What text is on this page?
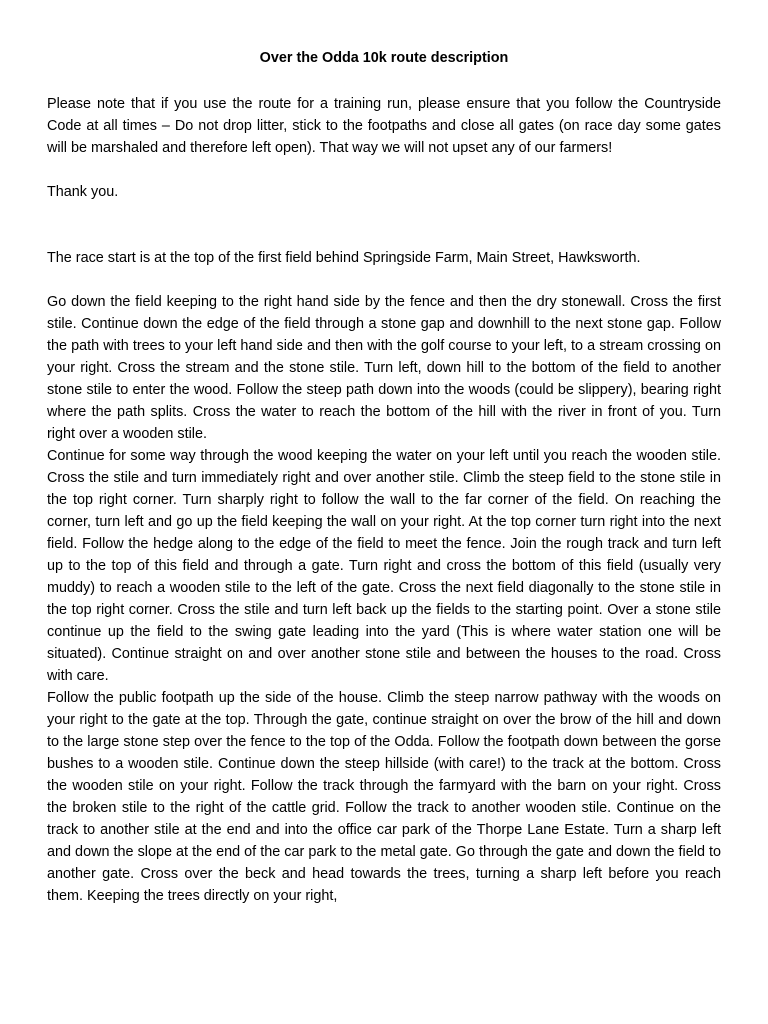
Over the Odda 10k route description

Please note that if you use the route for a training run, please ensure that you follow the Countryside Code at all times – Do not drop litter, stick to the footpaths and close all gates (on race day some gates will be marshaled and therefore left open). That way we will not upset any of our farmers!

Thank you.

The race start is at the top of the first field behind Springside Farm, Main Street, Hawksworth.

Go down the field keeping to the right hand side by the fence and then the dry stonewall. Cross the first stile. Continue down the edge of the field through a stone gap and downhill to the next stone gap. Follow the path with trees to your left hand side and then with the golf course to your left, to a stream crossing on your right. Cross the stream and the stone stile. Turn left, down hill to the bottom of the field to another stone stile to enter the wood. Follow the steep path down into the woods (could be slippery), bearing right where the path splits. Cross the water to reach the bottom of the hill with the river in front of you. Turn right over a wooden stile.

Continue for some way through the wood keeping the water on your left until you reach the wooden stile. Cross the stile and turn immediately right and over another stile. Climb the steep field to the stone stile in the top right corner. Turn sharply right to follow the wall to the far corner of the field. On reaching the corner, turn left and go up the field keeping the wall on your right. At the top corner turn right into the next field. Follow the hedge along to the edge of the field to meet the fence. Join the rough track and turn left up to the top of this field and through a gate. Turn right and cross the bottom of this field (usually very muddy) to reach a wooden stile to the left of the gate. Cross the next field diagonally to the stone stile in the top right corner. Cross the stile and turn left back up the fields to the starting point. Over a stone stile continue up the field to the swing gate leading into the yard (This is where water station one will be situated). Continue straight on and over another stone stile and between the houses to the road. Cross with care.

Follow the public footpath up the side of the house. Climb the steep narrow pathway with the woods on your right to the gate at the top. Through the gate, continue straight on over the brow of the hill and down to the large stone step over the fence to the top of the Odda. Follow the footpath down between the gorse bushes to a wooden stile. Continue down the steep hillside (with care!) to the track at the bottom. Cross the wooden stile on your right. Follow the track through the farmyard with the barn on your right. Cross the broken stile to the right of the cattle grid. Follow the track to another wooden stile. Continue on the track to another stile at the end and into the office car park of the Thorpe Lane Estate. Turn a sharp left and down the slope at the end of the car park to the metal gate. Go through the gate and down the field to another gate. Cross over the beck and head towards the trees, turning a sharp left before you reach them. Keeping the trees directly on your right,
